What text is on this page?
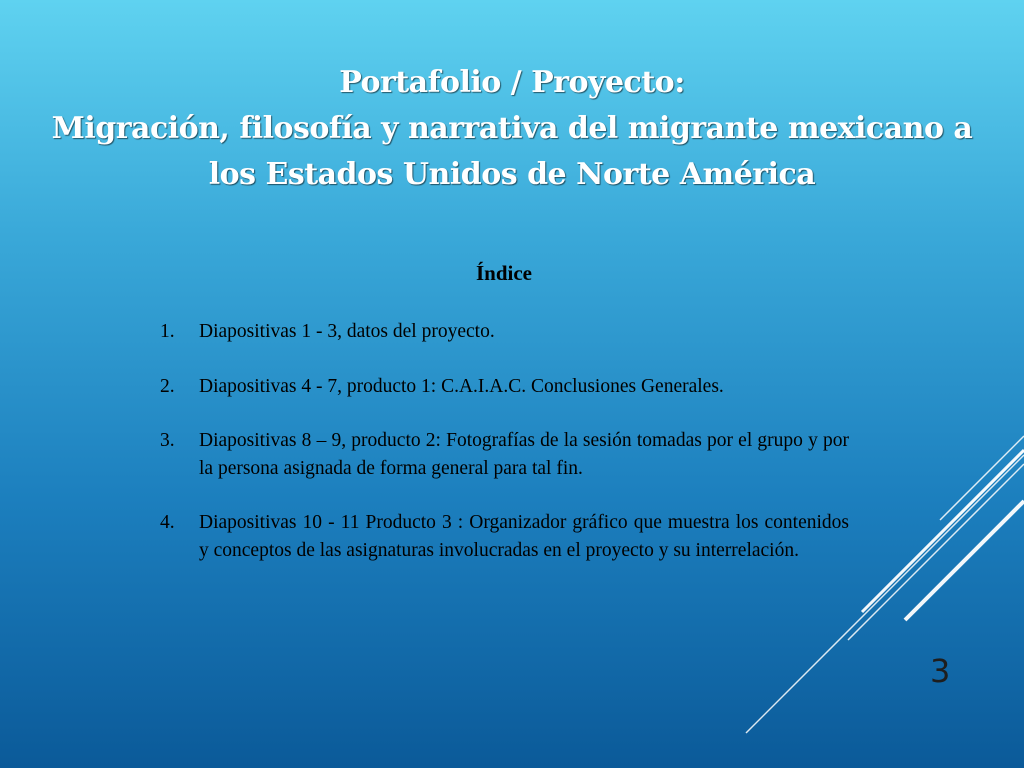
Portafolio / Proyecto:
Migración, filosofía y narrativa del migrante mexicano a los Estados Unidos de Norte América
Índice
1. Diapositivas 1 - 3, datos del proyecto.
2. Diapositivas 4 - 7, producto 1: C.A.I.A.C. Conclusiones Generales.
3. Diapositivas 8 – 9, producto 2: Fotografías de la sesión tomadas por el grupo y por la persona asignada de forma general para tal fin.
4. Diapositivas 10 - 11 Producto 3 : Organizador gráfico que muestra los contenidos y conceptos de las asignaturas involucradas en el proyecto y su interrelación.
3
